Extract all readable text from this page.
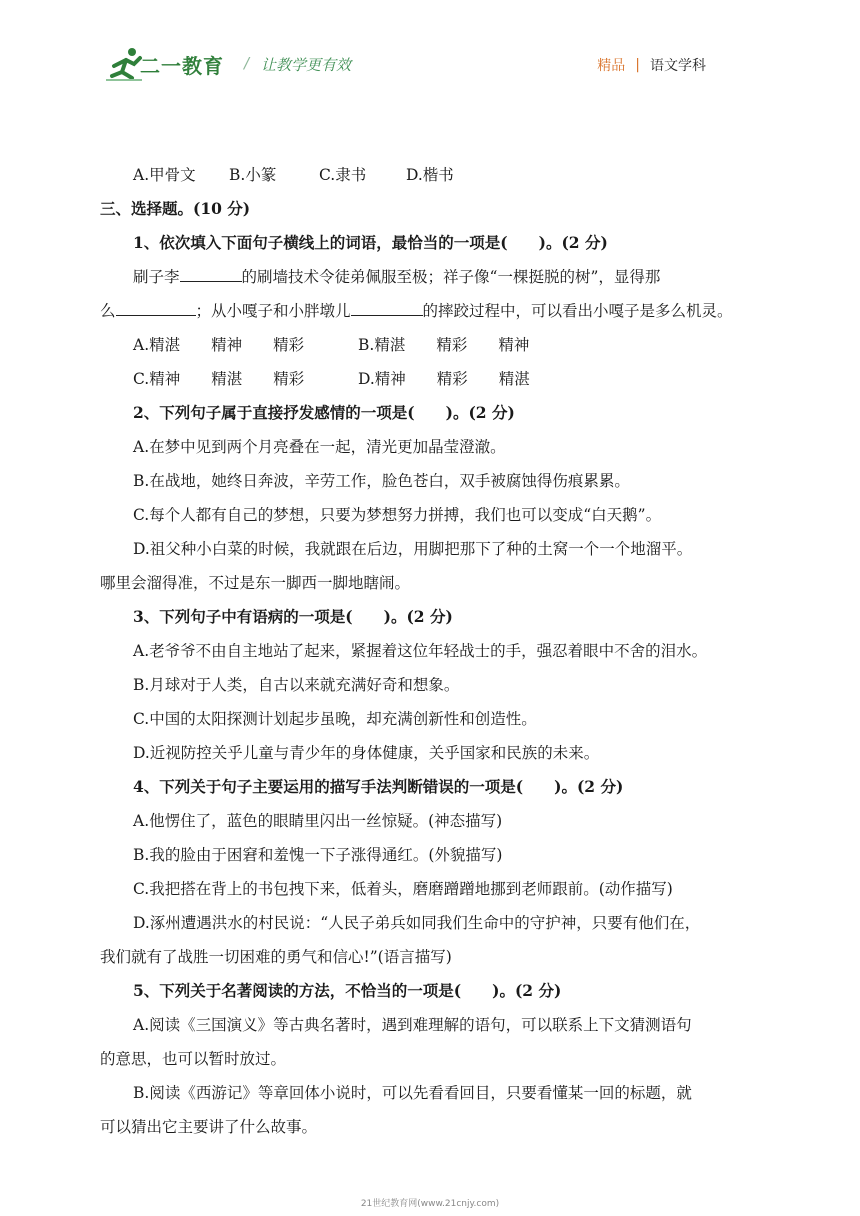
二一教育 / 让教学更有效	精品 | 语文学科
A.甲骨文 B.小篆	C.隶书	D.楷书
三、选择题。(10 分)
1、依次填入下面句子横线上的词语，最恰当的一项是(　　)。(2 分)
刷子李	的刷墙技术令徒弟佩服至极；祥子像“一棵挺脱的树”，显得那
么	；从小嘎子和小胖墩儿	的摔跤过程中，可以看出小嘎子是多么机灵。
A.精湛　　精神　　精彩	B.精湛　　精彩　　精神
C.精神　　精湛　　精彩	D.精神　　精彩　　精湛
2、下列句子属于直接抒发感情的一项是(　　)。(2 分)
A.在梦中见到两个月亮叠在一起，清光更加晶莹澄澈。
B.在战地，她终日奔波，辛劳工作，脸色苍白，双手被腐蚀得伤痕累累。
C.每个人都有自己的梦想，只要为梦想努力拼搏，我们也可以变成“白天鹅”。
D.祖父种小白菜的时候，我就跟在后边，用脚把那下了种的土窝一个一个地溜平。
哪里会溜得准，不过是东一脚西一脚地瞎闹。
3、下列句子中有语病的一项是(　　)。(2 分)
A.老爷爷不由自主地站了起来，紧握着这位年轻战士的手，强忍着眼中不舍的泪水。
B.月球对于人类，自古以来就充满好奇和想象。
C.中国的太阳探测计划起步虽晚，却充满创新性和创造性。
D.近视防控关乎儿童与青少年的身体健康，关乎国家和民族的未来。
4、下列关于句子主要运用的描写手法判断错误的一项是(　　)。(2 分)
A.他愣住了，蓝色的眼睛里闪出一丝惊疑。(神态描写)
B.我的脸由于困窘和羞愧一下子涨得通红。(外貌描写)
C.我把搭在背上的书包拽下来，低着头，磨磨蹭蹭地挪到老师跟前。(动作描写)
D.涿州遭遇洪水的村民说：“人民子弟兵如同我们生命中的守护神，只要有他们在，
我们就有了战胜一切困难的勇气和信心!”(语言描写)
5、下列关于名著阅读的方法，不恰当的一项是(　　)。(2 分)
A.阅读《三国演义》等古典名著时，遇到难理解的语句，可以联系上下文猜测语句
的意思，也可以暂时放过。
B.阅读《西游记》等章回体小说时，可以先看看回目，只要看懂某一回的标题，就
可以猜出它主要讲了什么故事。
21世纪教育网(www.21cnjy.com)
